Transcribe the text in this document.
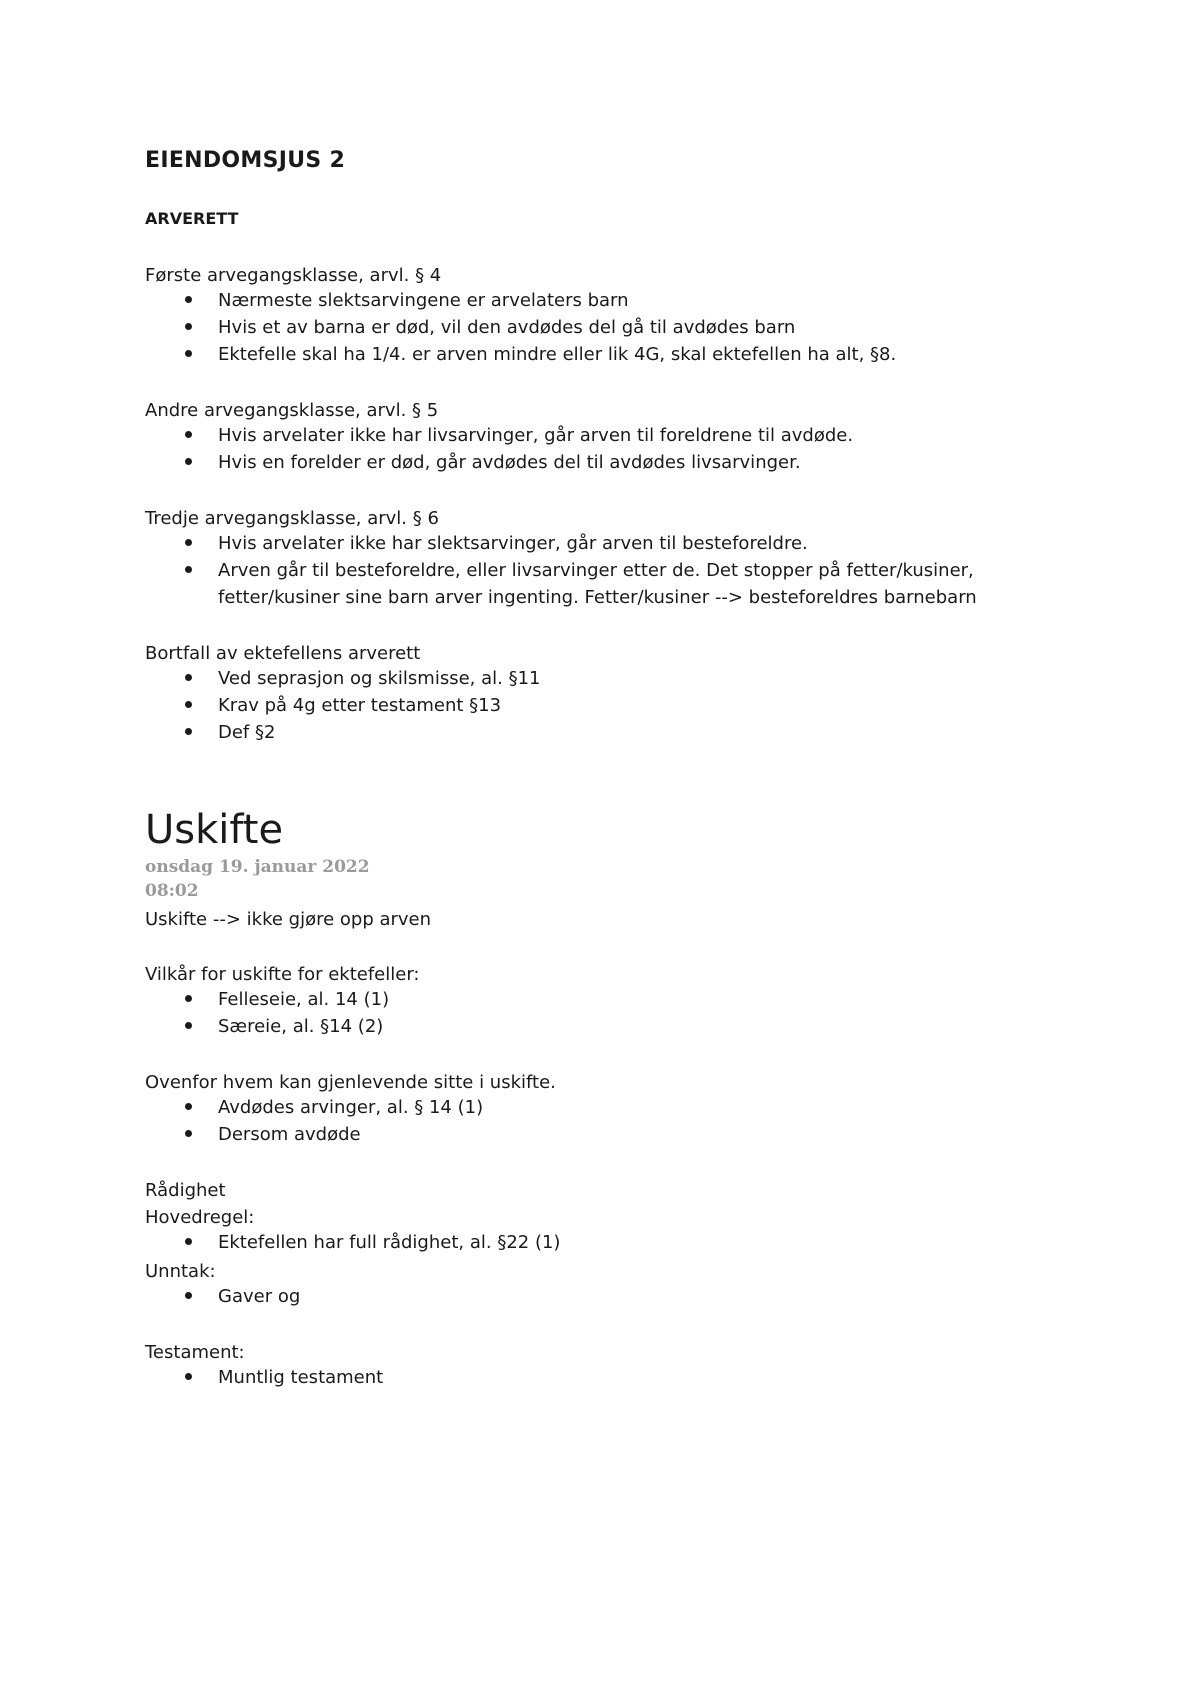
EIENDOMSJUS 2
ARVERETT
Første arvegangsklasse, arvl. § 4
Nærmeste slektsarvingene er arvelaters barn
Hvis et av barna er død, vil den avdødes del gå til avdødes barn
Ektefelle skal ha 1/4. er arven mindre eller lik 4G, skal ektefellen ha alt, §8.
Andre arvegangsklasse, arvl. § 5
Hvis arvelater ikke har livsarvinger, går arven til foreldrene til avdøde.
Hvis en forelder er død, går avdødes del til avdødes livsarvinger.
Tredje arvegangsklasse, arvl. § 6
Hvis arvelater ikke har slektsarvinger, går arven til besteforeldre.
Arven går til besteforeldre, eller livsarvinger etter de. Det stopper på fetter/kusiner,
fetter/kusiner sine barn arver ingenting. Fetter/kusiner --> besteforeldres barnebarn
Bortfall av ektefellens arverett
Ved seprasjon og skilsmisse, al. §11
Krav på 4g etter testament §13
Def §2
Uskifte
onsdag 19. januar 2022
08:02
Uskifte --> ikke gjøre opp arven
Vilkår for uskifte for ektefeller:
Felleseie, al. 14 (1)
Særeie, al. §14 (2)
Ovenfor hvem kan gjenlevende sitte i uskifte.
Avdødes arvinger, al. § 14 (1)
Dersom avdøde
Rådighet
Hovedregel:
Ektefellen har full rådighet, al. §22 (1)
Unntak:
Gaver og
Testament:
Muntlig testament
